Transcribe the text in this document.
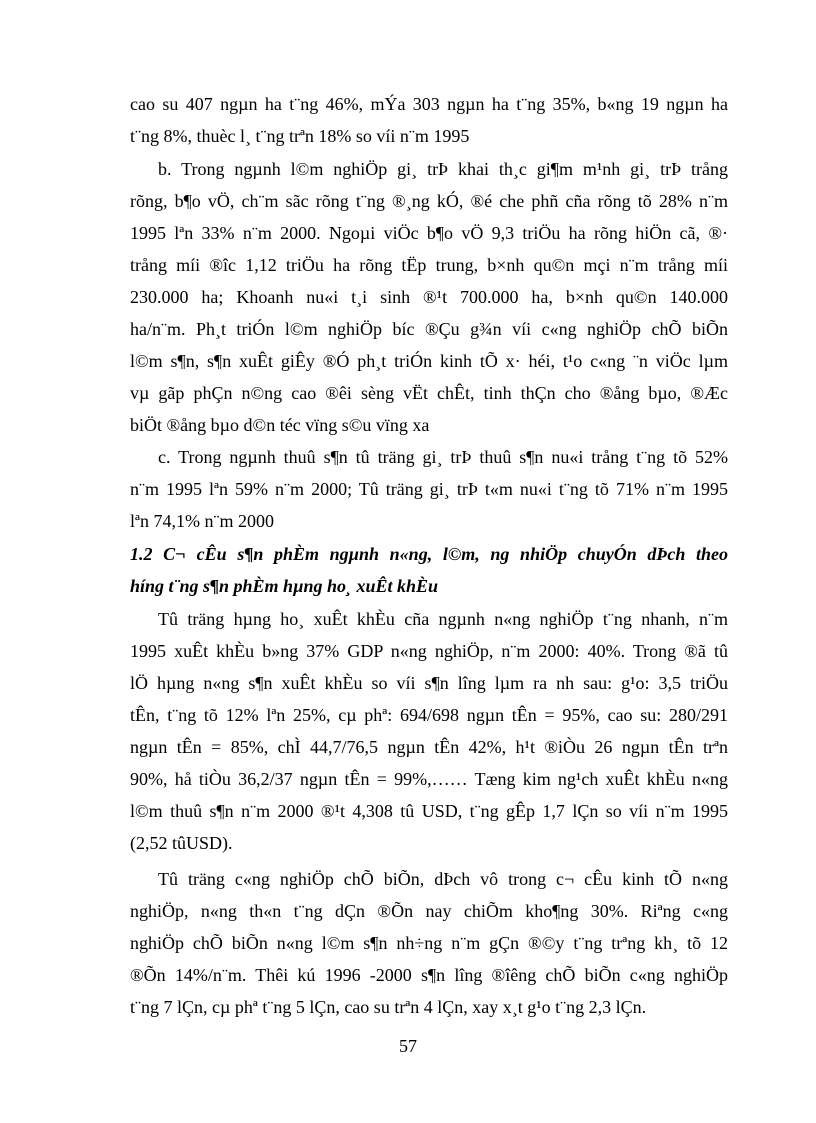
cao su 407 ngµn ha t¨ng 46%, mÝa 303 ngµn ha t¨ng 35%, b«ng 19 ngµn ha
t¨ng 8%, thuèc l¸ t¨ng trªn 18% so víi n¨m 1995
b. Trong ngµnh l©m nghiÖp gi¸ trÞ khai th¸c gi¶m m¹nh gi¸ trÞ trång
rõng, b¶o vÖ, ch¨m sãc rõng t¨ng ®¸ng kÓ, ®é che phñ cña rõng tõ 28% n¨m
1995 lªn 33% n¨m 2000. Ngoµi viÖc b¶o vÖ 9,3 triÖu ha rõng hiÖn cã, ®·
trång míi ®îc 1,12 triÖu ha rõng tËp trung, b×nh qu©n mçi n¨m trång míi
230.000 ha; Khoanh nu«i t¸i sinh ®¹t 700.000 ha, b×nh qu©n 140.000
ha/n¨m. Ph¸t triÓn l©m nghiÖp bíc ®Çu g¾n víi c«ng nghiÖp chÕ biÕn
l©m s¶n, s¶n xuÊt giÊy ®Ó ph¸t triÓn kinh tÕ x· héi, t¹o c«ng ¨n viÖc lµm
vµ gãp phÇn n©ng cao ®êi sèng vËt chÊt, tinh thÇn cho ®ång bµo, ®Æc
biÖt ®ång bµo d©n téc vïng s©u vïng xa
c. Trong ngµnh thuû s¶n tû träng gi¸ trÞ thuû s¶n nu«i trång t¨ng tõ 52%
n¨m 1995 lªn 59% n¨m 2000; Tû träng gi¸ trÞ t«m nu«i t¨ng tõ 71% n¨m 1995
lªn 74,1% n¨m 2000
1.2 C¬ cÊu s¶n phÈm ngµnh n«ng, l©m, ng nhiÖp chuyÓn dÞch theo
híng t¨ng s¶n phÈm hµng ho¸ xuÊt khÈu
Tû träng hµng ho¸ xuÊt khÈu cña ngµnh n«ng nghiÖp t¨ng nhanh, n¨m
1995 xuÊt khÈu b»ng 37% GDP n«ng nghiÖp, n¨m 2000: 40%. Trong ®ã tû
lÖ hµng n«ng s¶n xuÊt khÈu so víi s¶n lîng lµm ra nh sau: g¹o: 3,5 triÖu
tÊn, t¨ng tõ 12% lªn 25%, cµ phª: 694/698 ngµn tÊn = 95%, cao su: 280/291
ngµn tÊn = 85%, chÌ 44,7/76,5 ngµn tÊn 42%, h¹t ®iÒu 26 ngµn tÊn trªn
90%, hå tiÒu 36,2/37 ngµn tÊn = 99%,…… Tæng kim ng¹ch xuÊt khÈu n«ng
l©m thuû s¶n n¨m 2000 ®¹t 4,308 tû USD, t¨ng gÊp 1,7 lÇn so víi n¨m 1995
(2,52 tûUSD).
Tû träng c«ng nghiÖp chÕ biÕn, dÞch vô trong c¬ cÊu kinh tÕ n«ng
nghiÖp, n«ng th«n t¨ng dÇn ®Õn nay chiÕm kho¶ng 30%. Riªng c«ng
nghiÖp chÕ biÕn n«ng l©m s¶n nh÷ng n¨m gÇn ®©y t¨ng trªng kh¸ tõ 12
®Õn 14%/n¨m. Thêi kú 1996 -2000 s¶n lîng ®îêng chÕ biÕn c«ng nghiÖp
t¨ng 7 lÇn, cµ phª t¨ng 5 lÇn, cao su trªn 4 lÇn, xay x¸t g¹o t¨ng 2,3 lÇn.
57
